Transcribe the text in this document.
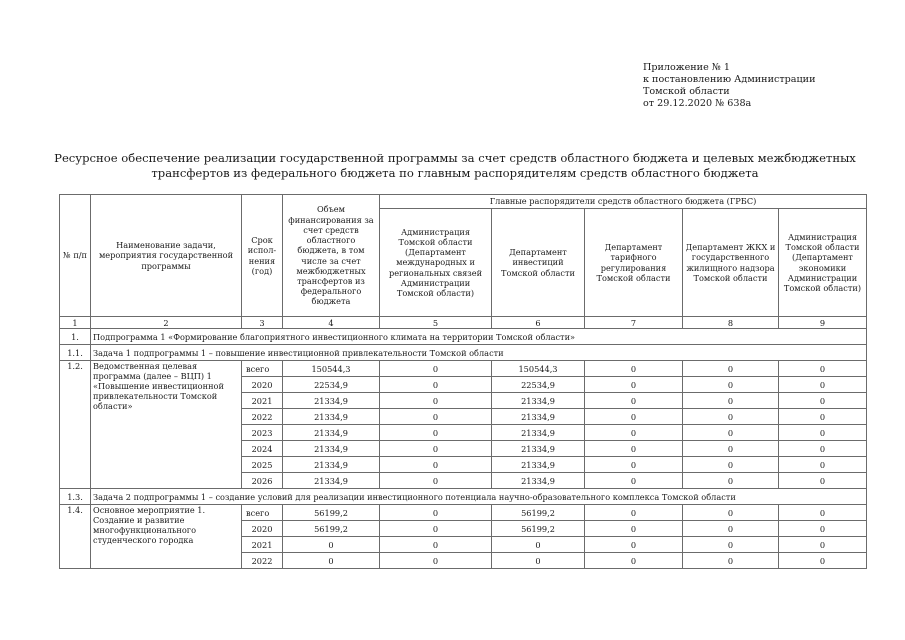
Приложение № 1
к постановлению Администрации
Томской области
от 29.12.2020 № 638а
Ресурсное обеспечение реализации государственной программы за счет средств областного бюджета и целевых межбюджетных
трансфертов из федерального бюджета по главным распорядителям средств областного бюджета
№ п/п	Наименование задачи, мероприятия государственной программы	Срок испол-нения (год)	Объем финансирования за счет средств областного бюджета, в том числе за счет межбюджетных трансфертов из федерального бюджета	Главные распорядители средств областного бюджета (ГРБС)				
				Администрация Томской области (Департамент международных и региональных связей Администрации Томской области)	Департамент инвестиций Томской области	Департамент тарифного регулирования Томской области	Департамент ЖКХ и государственного жилищного надзора Томской области	Администрация Томской области (Департамент экономики Администрации Томской области)
1	2	3	4	5	6	7	8	9
1.	Подпрограмма 1 «Формирование благоприятного инвестиционного климата на территории Томской области»							
1.1.	Задача 1 подпрограммы 1 – повышение инвестиционной привлекательности Томской области							
1.2.	Ведомственная целевая программа (далее – ВЦП) 1 «Повышение инвестиционной привлекательности Томской области»	всего	150544,3	0	150544,3	0	0	0
		2020	22534,9	0	22534,9	0	0	0
		2021	21334,9	0	21334,9	0	0	0
		2022	21334,9	0	21334,9	0	0	0
		2023	21334,9	0	21334,9	0	0	0
		2024	21334,9	0	21334,9	0	0	0
		2025	21334,9	0	21334,9	0	0	0
		2026	21334,9	0	21334,9	0	0	0
1.3.	Задача 2 подпрограммы 1 – создание условий для реализации инвестиционного потенциала научно-образовательного комплекса Томской области							
1.4.	Основное мероприятие 1. Создание и развитие многофункционального студенческого городка	всего	56199,2	0	56199,2	0	0	0
		2020	56199,2	0	56199,2	0	0	0
		2021	0	0	0	0	0	0
		2022	0	0	0	0	0	0
